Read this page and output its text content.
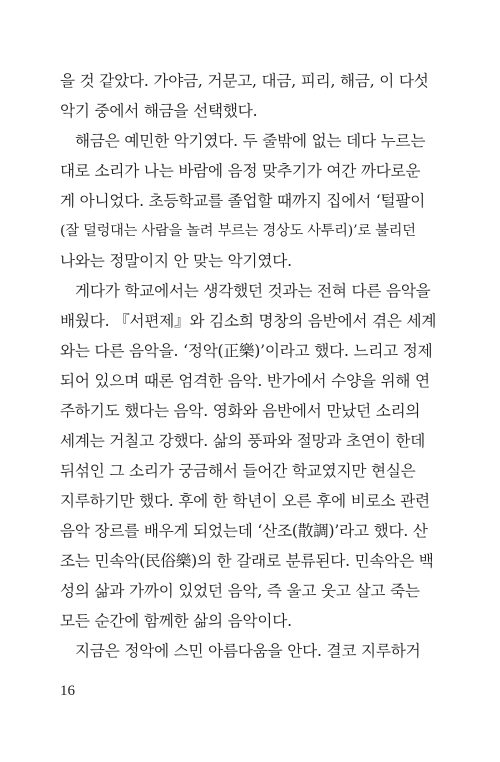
을 것 같았다. 가야금, 거문고, 대금, 피리, 해금, 이 다섯
악기 중에서 해금을 선택했다.
해금은 예민한 악기였다. 두 줄밖에 없는 데다 누르는
대로 소리가 나는 바람에 음정 맞추기가 여간 까다로운
게 아니었다. 초등학교를 졸업할 때까지 집에서 ‘털팔이
(잘 덜렁대는 사람을 놀려 부르는 경상도 사투리)’로 불리던
나와는 정말이지 안 맞는 악기였다.
게다가 학교에서는 생각했던 것과는 전혀 다른 음악을
배웠다. 『서편제』와 김소희 명창의 음반에서 겪은 세계
와는 다른 음악을. ‘정악(正樂)’이라고 했다. 느리고 정제
되어 있으며 때론 엄격한 음악. 반가에서 수양을 위해 연
주하기도 했다는 음악. 영화와 음반에서 만났던 소리의
세계는 거칠고 강했다. 삶의 풍파와 절망과 초연이 한데
뒤섞인 그 소리가 궁금해서 들어간 학교였지만 현실은
지루하기만 했다. 후에 한 학년이 오른 후에 비로소 관련
음악 장르를 배우게 되었는데 ‘산조(散調)’라고 했다. 산
조는 민속악(民俗樂)의 한 갈래로 분류된다. 민속악은 백
성의 삶과 가까이 있었던 음악, 즉 울고 웃고 살고 죽는
모든 순간에 함께한 삶의 음악이다.
지금은 정악에 스민 아름다움을 안다. 결코 지루하거
16
